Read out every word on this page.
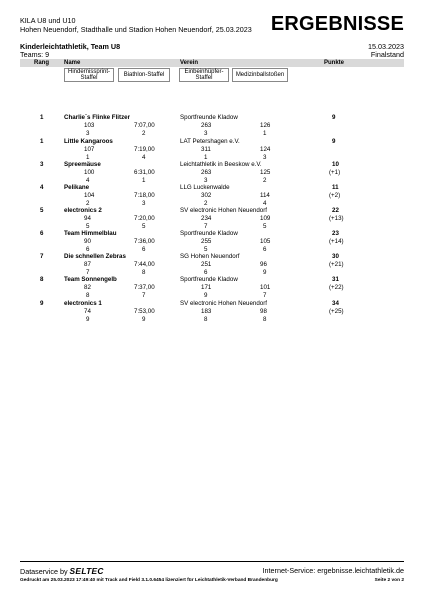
KILA U8 und U10
Hohen Neuendorf, Stadthalle und Stadion Hohen Neuendorf, 25.03.2023 ERGEBNISSE
Kinderleichtathletik, Team U8	15.03.2023
Teams: 9	Finalstand
Rang	Name	Verein	Punkte
Hindernissprint-Staffel
Biathlon-Staffel
Einbeinhüpfer-Staffel
Medizinballstoßen
1	Charlie´s Flinke Flitzer	Sportfreunde Kladow	9
103	7:07,00	263	126
3	2	3	1
1	Little Kangaroos	LAT Petershagen e.V.	9
107	7:19,00	311	124
1	4	1	3
3	Spreemäuse	Leichtathletik in Beeskow e.V.	10
100	6:31,00	263	125	(+1)
4	1	3	2
4	Pelikane	LLG Luckenwalde	11
104	7:18,00	302	114	(+2)
2	3	2	4
5	electronics 2	SV electronic Hohen Neuendorf	22
94	7:20,00	234	109	(+13)
5	5	7	5
6	Team Himmelblau	Sportfreunde Kladow	23
90	7:36,00	255	105	(+14)
6	6	5	6
7	Die schnellen Zebras	SG Hohen Neuendorf	30
87	7:44,00	251	96	(+21)
7	8	6	9
8	Team Sonnengelb	Sportfreunde Kladow	31
82	7:37,00	171	101	(+22)
8	7	9	7
9	electronics 1	SV electronic Hohen Neuendorf	34
74	7:53,00	183	98	(+25)
9	9	8	8
Dataservice by SELTEC	Internet-Service: ergebnisse.leichtathletik.de
Gedruckt am 25.03.2023 17:49:40 mit Track and Field 3.1.0.6454 lizenziert für Leichtathletik-Verband Brandenburg	Seite 2 von 2
